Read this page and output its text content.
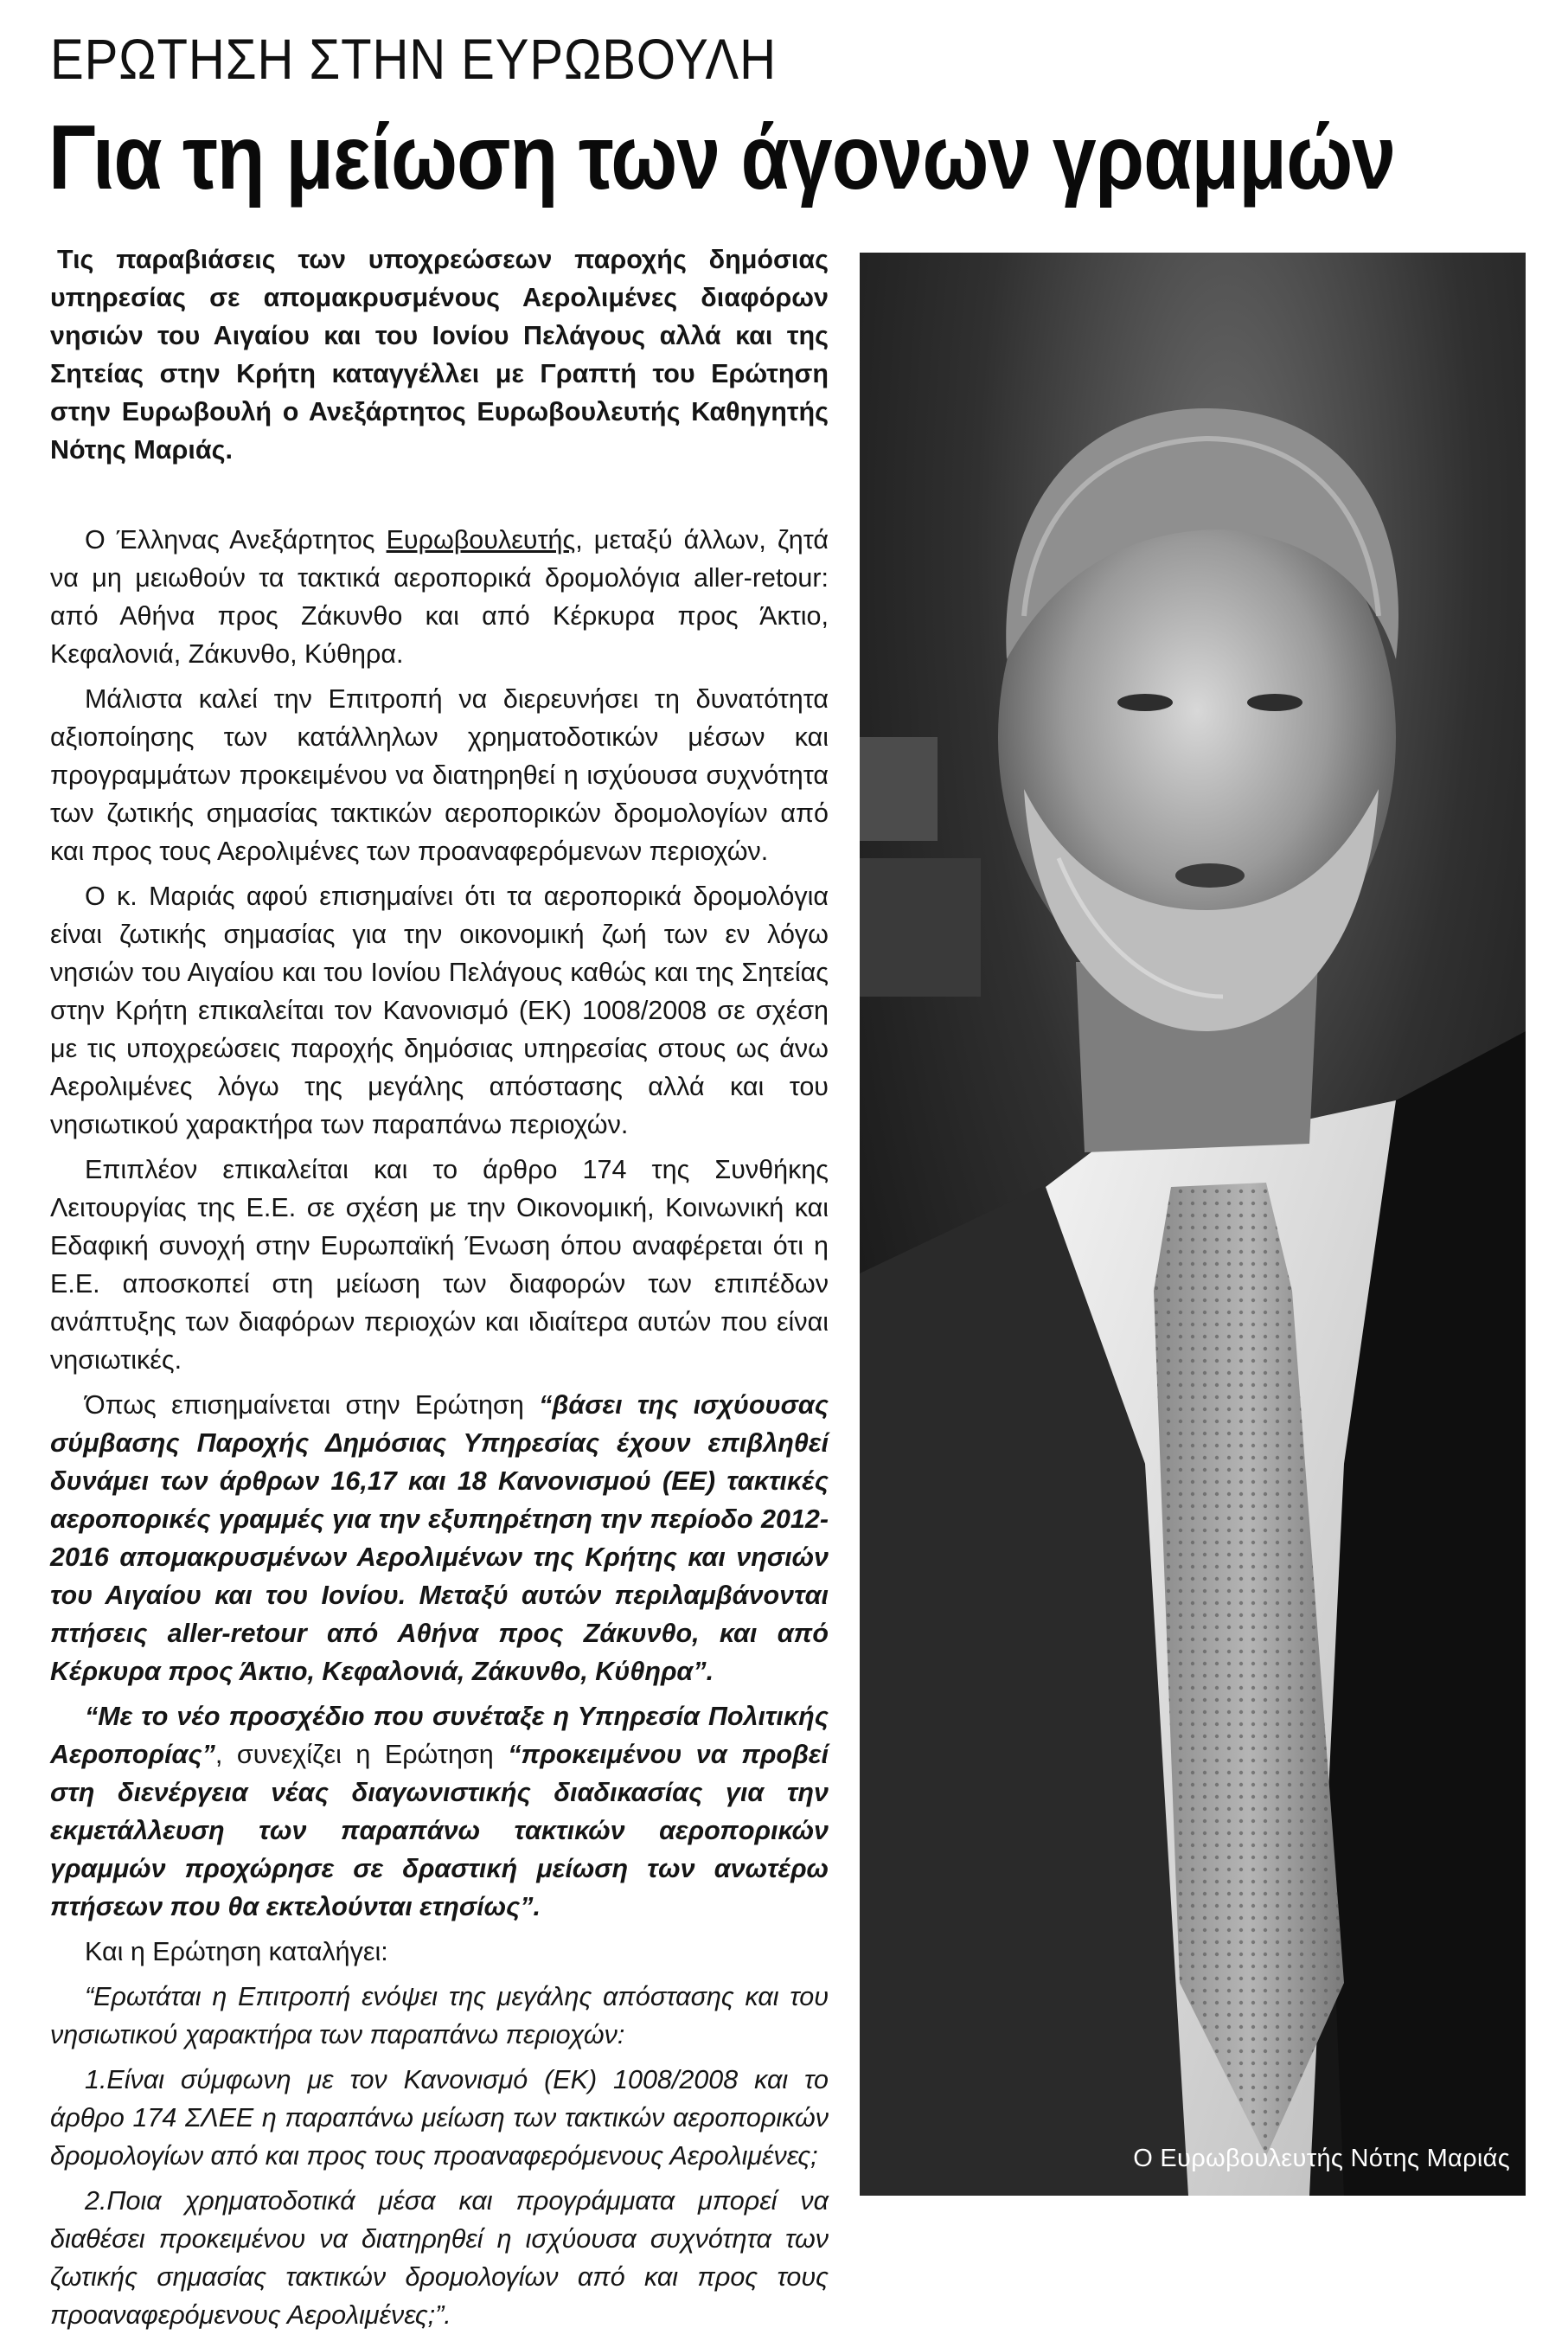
ΕΡΩΤΗΣΗ ΣΤΗΝ ΕΥΡΩΒΟΥΛΗ
Για τη μείωση των άγονων γραμμών

Τις παραβιάσεις των υποχρεώσεων παροχής δημόσιας υπηρεσίας σε απομακρυσμένους Αερολιμένες διαφόρων νησιών του Αιγαίου και του Ιονίου Πελάγους αλλά και της Σητείας στην Κρήτη καταγγέλλει με Γραπτή του Ερώτηση στην Ευρωβουλή ο Ανεξάρτητος Ευρωβουλευτής Καθηγητής Νότης Μαριάς.

Ο Έλληνας Ανεξάρτητος Ευρωβουλευτής, μεταξύ άλλων, ζητά να μη μειωθούν τα τακτικά αεροπορικά δρομολόγια aller-retour: από Αθήνα προς Ζάκυνθο και από Κέρκυρα προς Άκτιο, Κεφαλονιά, Ζάκυνθο, Κύθηρα.

Μάλιστα καλεί την Επιτροπή να διερευνήσει τη δυνατότητα αξιοποίησης των κατάλληλων χρηματοδοτικών μέσων και προγραμμάτων προκειμένου να διατηρηθεί η ισχύουσα συχνότητα των ζωτικής σημασίας τακτικών αεροπορικών δρομολογίων από και προς τους Αερολιμένες των προαναφερόμενων περιοχών.

Ο κ. Μαριάς αφού επισημαίνει ότι τα αεροπορικά δρομολόγια είναι ζωτικής σημασίας για την οικονομική ζωή των εν λόγω νησιών του Αιγαίου και του Ιονίου Πελάγους καθώς και της Σητείας στην Κρήτη επικαλείται τον Κανονισμό (ΕΚ) 1008/2008 σε σχέση με τις υποχρεώσεις παροχής δημόσιας υπηρεσίας στους ως άνω Αερολιμένες λόγω της μεγάλης απόστασης αλλά και του νησιωτικού χαρακτήρα των παραπάνω περιοχών.

Επιπλέον επικαλείται και το άρθρο 174 της Συνθήκης Λειτουργίας της Ε.Ε. σε σχέση με την Οικονομική, Κοινωνική και Εδαφική συνοχή στην Ευρωπαϊκή Ένωση όπου αναφέρεται ότι η Ε.Ε. αποσκοπεί στη μείωση των διαφορών των επιπέδων ανάπτυξης των διαφόρων περιοχών και ιδιαίτερα αυτών που είναι νησιωτικές.

Όπως επισημαίνεται στην Ερώτηση “βάσει της ισχύουσας σύμβασης Παροχής Δημόσιας Υπηρεσίας έχουν επιβληθεί δυνάμει των άρθρων 16,17 και 18 Κανονισμού (ΕΕ) τακτικές αεροπορικές γραμμές για την εξυπηρέτηση την περίοδο 2012-2016 απομακρυσμένων Αερολιμένων της Κρήτης και νησιών του Αιγαίου και του Ιονίου. Μεταξύ αυτών περιλαμβάνονται πτήσεις aller-retour από Αθήνα προς Ζάκυνθο, και από Κέρκυρα προς Άκτιο, Κεφαλονιά, Ζάκυνθο, Κύθηρα”.

“Με το νέο προσχέδιο που συνέταξε η Υπηρεσία Πολιτικής Αεροπορίας”, συνεχίζει η Ερώτηση “προκειμένου να προβεί στη διενέργεια νέας διαγωνιστικής διαδικασίας για την εκμετάλλευση των παραπάνω τακτικών αεροπορικών γραμμών προχώρησε σε δραστική μείωση των ανωτέρω πτήσεων που θα εκτελούνται ετησίως”.

Και η Ερώτηση καταλήγει:

“Ερωτάται η Επιτροπή ενόψει της μεγάλης απόστασης και του νησιωτικού χαρακτήρα των παραπάνω περιοχών:

1.Είναι σύμφωνη με τον Κανονισμό (ΕΚ) 1008/2008 και το άρθρο 174 ΣΛΕΕ η παραπάνω μείωση των τακτικών αεροπορικών δρομολογίων από και προς τους προαναφερόμενους Αερολιμένες;

2.Ποια χρηματοδοτικά μέσα και προγράμματα μπορεί να διαθέσει προκειμένου να διατηρηθεί η ισχύουσα συχνότητα των ζωτικής σημασίας τακτικών δρομολογίων από και προς τους προαναφερόμενους Αερολιμένες;”.

Ο Ευρωβουλευτής Νότης Μαριάς
